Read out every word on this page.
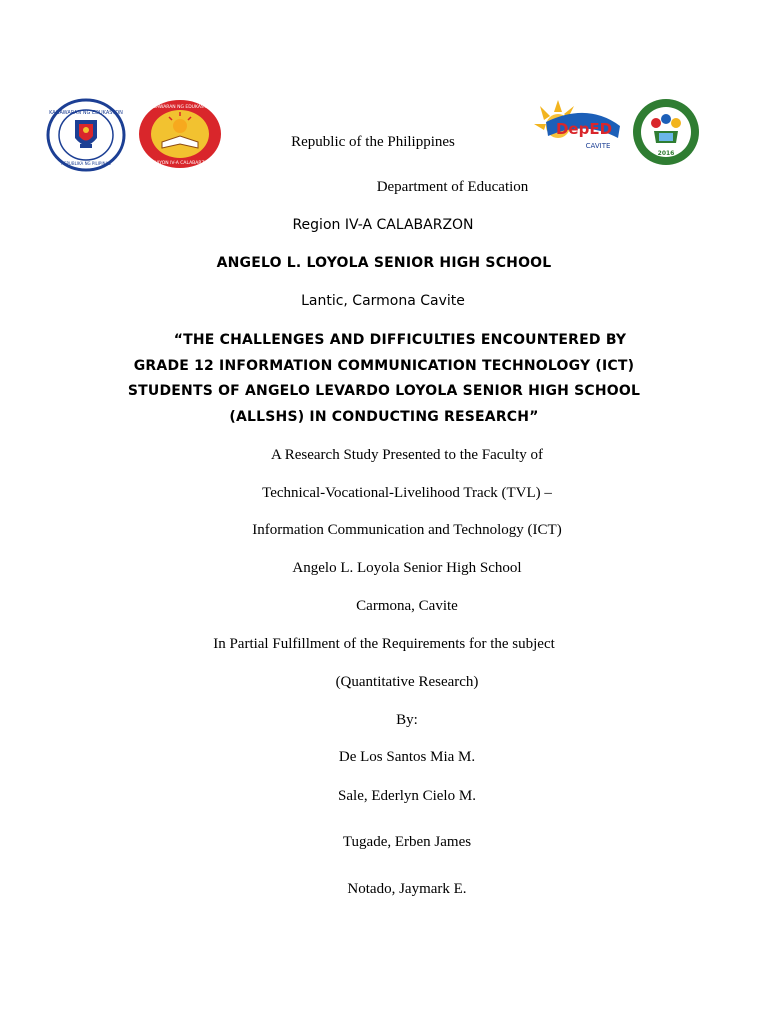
KAGAWARAN NG EDUKASYON
REPUBLIKA NG PILIPINAS
KAGAWARAN NG EDUKASYON
REHIYON IV-A CALABARZON
DepED
CAVITE
2016
Republic of the Philippines
Department of Education
Region IV-A CALABARZON
ANGELO L. LOYOLA SENIOR HIGH SCHOOL
Lantic, Carmona Cavite
“THE CHALLENGES AND DIFFICULTIES ENCOUNTERED BY
GRADE 12 INFORMATION COMMUNICATION TECHNOLOGY (ICT)
STUDENTS OF ANGELO LEVARDO LOYOLA SENIOR HIGH SCHOOL
(ALLSHS) IN CONDUCTING RESEARCH”
A Research Study Presented to the Faculty of
Technical-Vocational-Livelihood Track (TVL) –
Information Communication and Technology (ICT)
Angelo L. Loyola Senior High School
Carmona, Cavite
In Partial Fulfillment of the Requirements for the subject
(Quantitative Research)
By:
De Los Santos Mia M.
Sale, Ederlyn Cielo M.
Tugade, Erben James
Notado, Jaymark E.
